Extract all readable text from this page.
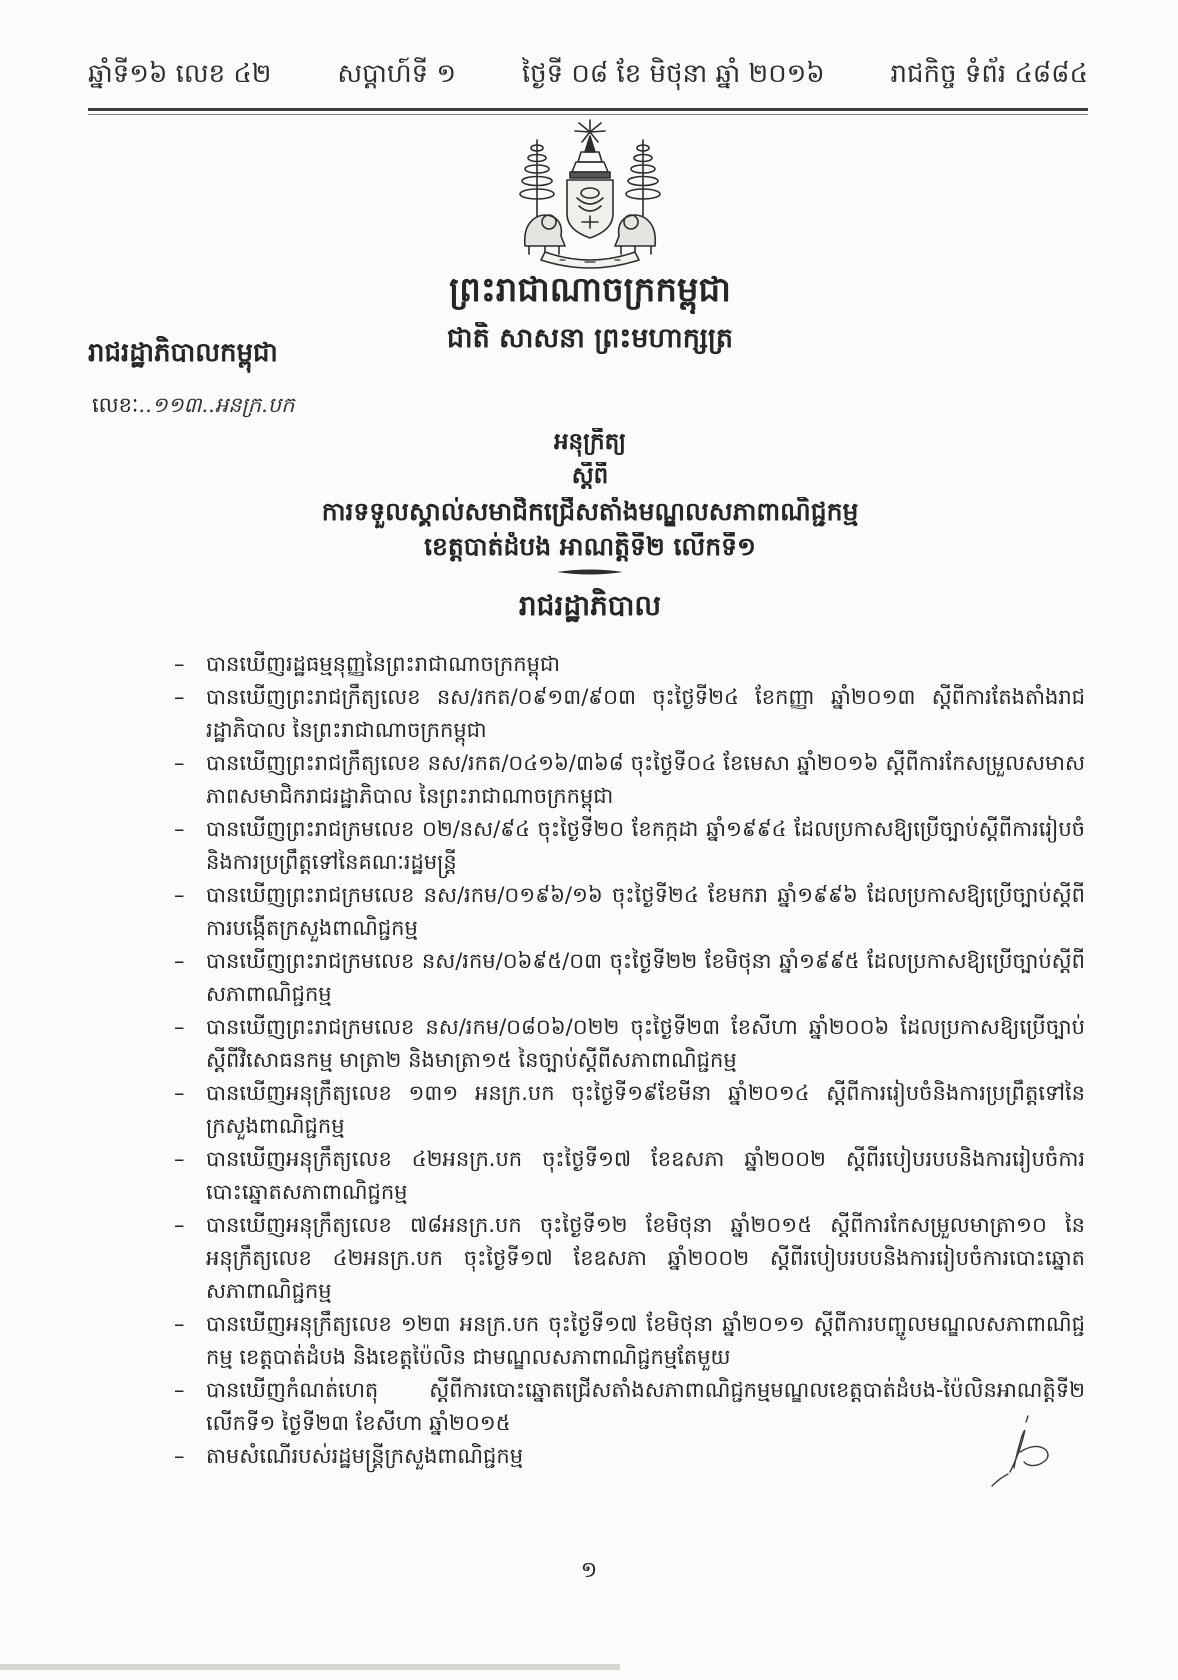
ឆ្នាំទី១៦ លេខ ៤២	សប្តាហ៍ទី ១	ថ្ងៃទី ០៨ ខែ មិថុនា ឆ្នាំ ២០១៦	រាជកិច្ច ទំព័រ ៤៨៨៤
ព្រះរាជាណាចក្រកម្ពុជា
ជាតិ សាសនា ព្រះមហាក្សត្រ
រាជរដ្ឋាភិបាលកម្ពុជា
លេខៈ..១១៣..អនក្រ.បក
អនុក្រឹត្យ
ស្តីពី
ការទទួលស្គាល់សមាជិកជ្រើសតាំងមណ្ឌលសភាពាណិជ្ជកម្ម
ខេត្តបាត់ដំបង អាណត្តិទី២ លើកទី១
រាជរដ្ឋាភិបាល
– បានឃើញរដ្ឋធម្មនុញ្ញនៃព្រះរាជាណាចក្រកម្ពុជា
– បានឃើញព្រះរាជក្រឹត្យលេខ នស/រកត/០៩១៣/៩០៣ ចុះថ្ងៃទី២៤ ខែកញ្ញា ឆ្នាំ២០១៣ ស្តីពីការតែងតាំងរាជរដ្ឋាភិបាល នៃព្រះរាជាណាចក្រកម្ពុជា
– បានឃើញព្រះរាជក្រឹត្យលេខ នស/រកត/០៤១៦/៣៦៨ ចុះថ្ងៃទី០៤ ខែមេសា ឆ្នាំ២០១៦ ស្តីពីការកែសម្រួលសមាសភាពសមាជិករាជរដ្ឋាភិបាល នៃព្រះរាជាណាចក្រកម្ពុជា
– បានឃើញព្រះរាជក្រមលេខ ០២/នស/៩៤ ចុះថ្ងៃទី២០ ខែកក្កដា ឆ្នាំ១៩៩៤ ដែលប្រកាសឱ្យប្រើច្បាប់ស្តីពីការរៀបចំនិងការប្រព្រឹត្តទៅនៃគណៈរដ្ឋមន្ត្រី
– បានឃើញព្រះរាជក្រមលេខ នស/រកម/០១៩៦/១៦ ចុះថ្ងៃទី២៤ ខែមករា ឆ្នាំ១៩៩៦ ដែលប្រកាសឱ្យប្រើច្បាប់ស្តីពីការបង្កើតក្រសួងពាណិជ្ជកម្ម
– បានឃើញព្រះរាជក្រមលេខ នស/រកម/០៦៩៥/០៣ ចុះថ្ងៃទី២២ ខែមិថុនា ឆ្នាំ១៩៩៥ ដែលប្រកាសឱ្យប្រើច្បាប់ស្តីពីសភាពាណិជ្ជកម្ម
– បានឃើញព្រះរាជក្រមលេខ នស/រកម/០៨០៦/០២២ ចុះថ្ងៃទី២៣ ខែសីហា ឆ្នាំ២០០៦ ដែលប្រកាសឱ្យប្រើច្បាប់ស្តីពីវិសោធនកម្ម មាត្រា២ និងមាត្រា១៥ នៃច្បាប់ស្តីពីសភាពាណិជ្ជកម្ម
– បានឃើញអនុក្រឹត្យលេខ ១៣១ អនក្រ.បក ចុះថ្ងៃទី១៩ខែមីនា ឆ្នាំ២០១៤ ស្តីពីការរៀបចំនិងការប្រព្រឹត្តទៅនៃក្រសួងពាណិជ្ជកម្ម
– បានឃើញអនុក្រឹត្យលេខ ៤២អនក្រ.បក ចុះថ្ងៃទី១៧ ខែឧសភា ឆ្នាំ២០០២ ស្តីពីរបៀបរបបនិងការរៀបចំការបោះឆ្នោតសភាពាណិជ្ជកម្ម
– បានឃើញអនុក្រឹត្យលេខ ៧៨អនក្រ.បក ចុះថ្ងៃទី១២ ខែមិថុនា ឆ្នាំ២០១៥ ស្តីពីការកែសម្រួលមាត្រា១០ នៃអនុក្រឹត្យលេខ ៤២អនក្រ.បក ចុះថ្ងៃទី១៧ ខែឧសភា ឆ្នាំ២០០២ ស្តីពីរបៀបរបបនិងការរៀបចំការបោះឆ្នោតសភាពាណិជ្ជកម្ម
– បានឃើញអនុក្រឹត្យលេខ ១២៣ អនក្រ.បក ចុះថ្ងៃទី១៧ ខែមិថុនា ឆ្នាំ២០១១ ស្តីពីការបញ្ចូលមណ្ឌលសភាពាណិជ្ជកម្ម ខេត្តបាត់ដំបង និងខេត្តប៉ៃលិន ជាមណ្ឌលសភាពាណិជ្ជកម្មតែមួយ
– បានឃើញកំណត់ហេតុ ស្តីពីការបោះឆ្នោតជ្រើសតាំងសភាពាណិជ្ជកម្មមណ្ឌលខេត្តបាត់ដំបង-ប៉ៃលិនអាណត្តិទី២ លើកទី១ ថ្ងៃទី២៣ ខែសីហា ឆ្នាំ២០១៥
– តាមសំណើរបស់រដ្ឋមន្ត្រីក្រសួងពាណិជ្ជកម្ម
១
